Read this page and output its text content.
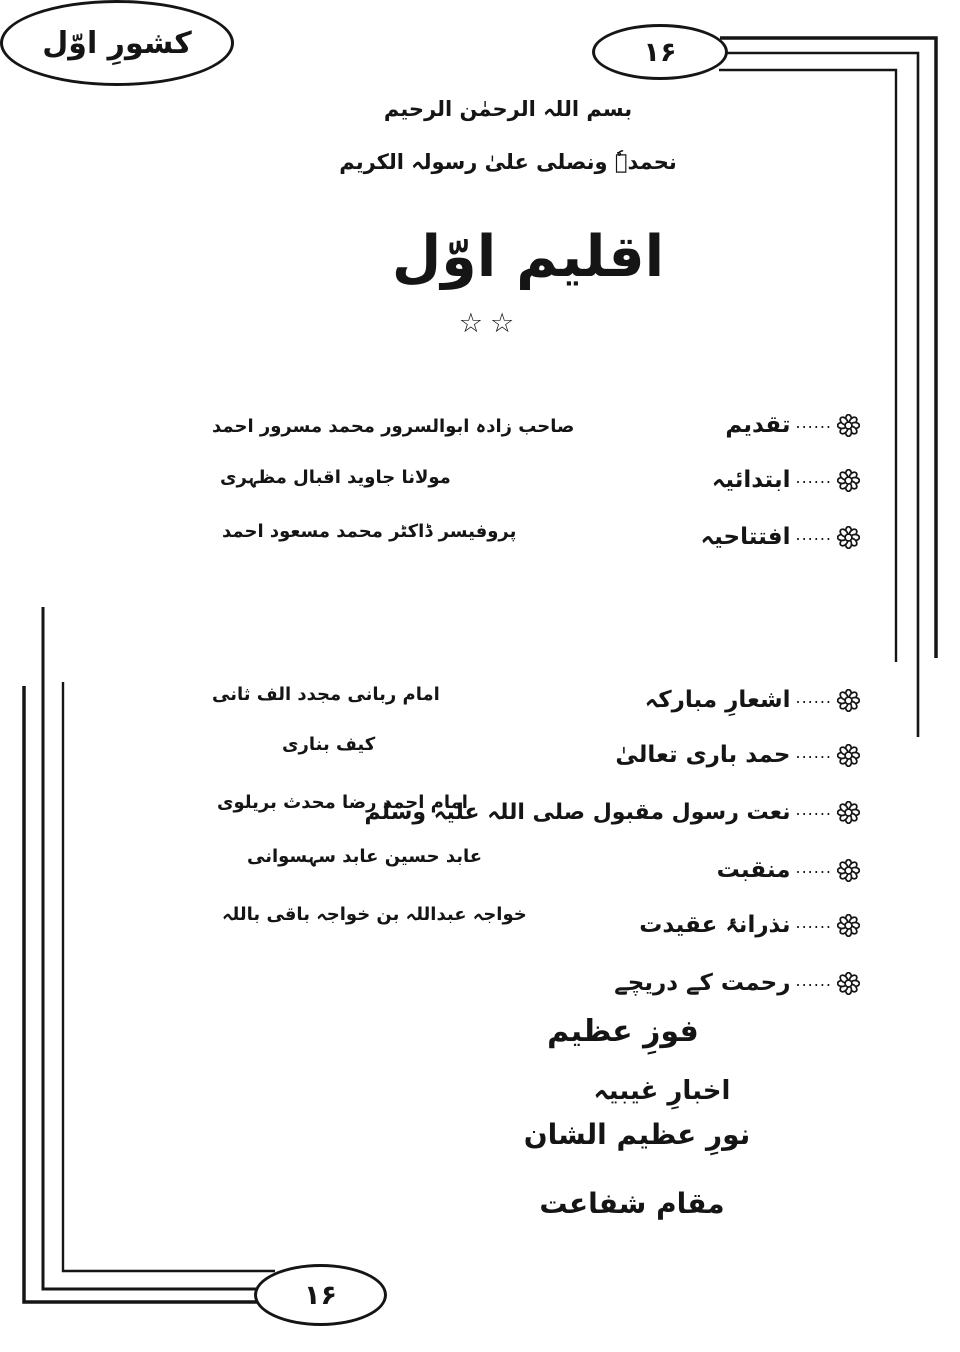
۱۶
۱۶
بسم اللہ الرحمٰن الرحیم
نحمدہٗ ونصلی علیٰ رسولہ الکریم
اقلیم اوّل
☆☆
......
تقدیم
......
ابتدائیہ
......
افتتاحیہ
صاحب زادہ ابوالسرور محمد مسرور احمد
مولانا جاوید اقبال مظہری
پروفیسر ڈاکٹر محمد مسعود احمد
کشورِ اوّل
......
اشعارِ مبارکہ
......
حمد باری تعالیٰ
......
نعت رسول مقبول صلی اللہ علیہ وسلم
......
منقبت
......
نذرانۂ عقیدت
......
رحمت کے دریچے
امام ربانی مجدد الف ثانی
کیف بناری
امام احمد رضا محدث بریلوی
عابد حسین عابد سہسوانی
خواجہ عبداللہ بن خواجہ باقی باللہ
فوزِ عظیم
اخبارِ غیبیہ
نورِ عظیم الشان
مقام شفاعت
